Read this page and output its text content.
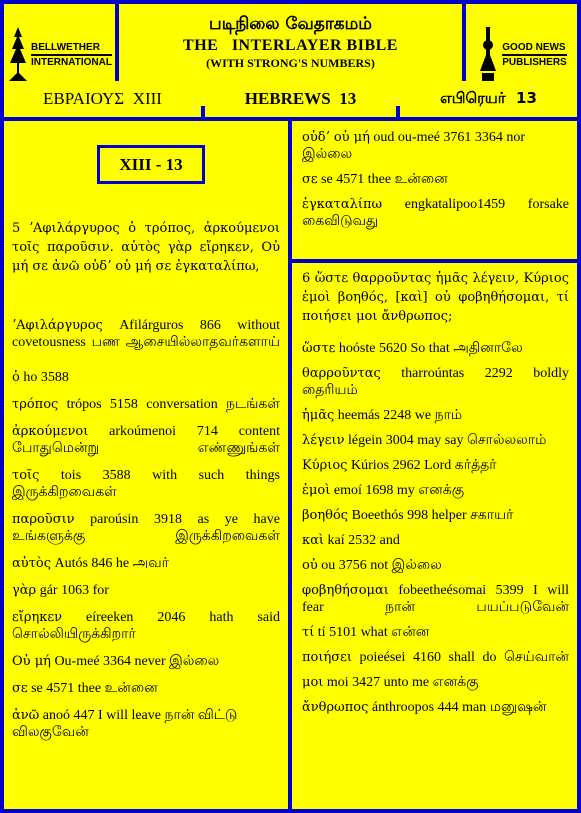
BELLWETHER
INTERNATIONAL
படிநிலை வேதாகமம்
THE   INTERLAYER BIBLE
(WITH STRONG'S NUMBERS)
GOOD NEWS
PUBLISHERS
ΕΒΡΑΙΟΥΣ  XIII	HEBREWS  13	எபிரெயர்  13
XIII - 13
5 ʼΑφιλάργυρος ὁ τρόπος, ἀρκούμενοι τοῖς παροῦσιν. αὐτὸς γὰρ εἴρηκεν, Οὐ μή σε ἀνῶ οὐδʼ οὐ μή σε ἐγκαταλίπω,
ʼΑφιλάργυρος Afilárguros 866 without covetousness பண ஆசையில்லாதவர்களாய்
ὁ ho 3588
τρόπος trópos 5158 conversation நடங்கள்
ἀρκούμενοι arkoúmenoi 714 content போதுமென்று எண்ணுங்கள்
τοῖς tois 3588 with such things இருக்கிறவைகள்
παροῦσιν paroúsin 3918 as ye have உங்களுக்கு இருக்கிறவைகள்
αὐτὸς Autós 846 he அவர்
γὰρ gár 1063 for
εἴρηκεν eíreeken 2046 hath said சொல்லியிருக்கிறார்
Οὐ μή Ou-meé 3364 never இல்லை
σε se 4571 thee உன்னை
ἀνῶ anoó 447 I will leave நான் விட்டு விலகுவேன்
οὐδʼ οὐ μή oud ou-meé 3761 3364 nor இல்லை
σε se 4571 thee உன்னை
ἐγκαταλίπω engkatalipoo1459 forsake கைவிடுவது
6 ὥστε θαρροῦντας ἡμᾶς λέγειν, Κύριος ἐμοὶ βοηθός, [καὶ] οὐ φοβηθήσομαι, τί ποιήσει μοι ἄνθρωπος;
ὥστε hoóste 5620 So that அதினாலே
θαρροῦντας tharroúntas 2292 boldly தைரியம்
ἡμᾶς heemás 2248 we நாம்
λέγειν légein 3004 may say சொல்லலாம்
Κύριος Kúrios 2962 Lord கர்த்தர்
ἐμοὶ emoí 1698 my எனக்கு
βοηθός Boeethós 998 helper சகாயர்
καὶ kaí 2532 and
οὐ ou 3756 not இல்லை
φοβηθήσομαι fobeetheésomai 5399 I will fear நான் பயப்படுவேன்
τί tí 5101 what என்ன
ποιήσει poieései 4160 shall do செய்வான்
μοι moi 3427 unto me எனக்கு
ἄνθρωπος ánthroopos 444 man மனுஷன்
